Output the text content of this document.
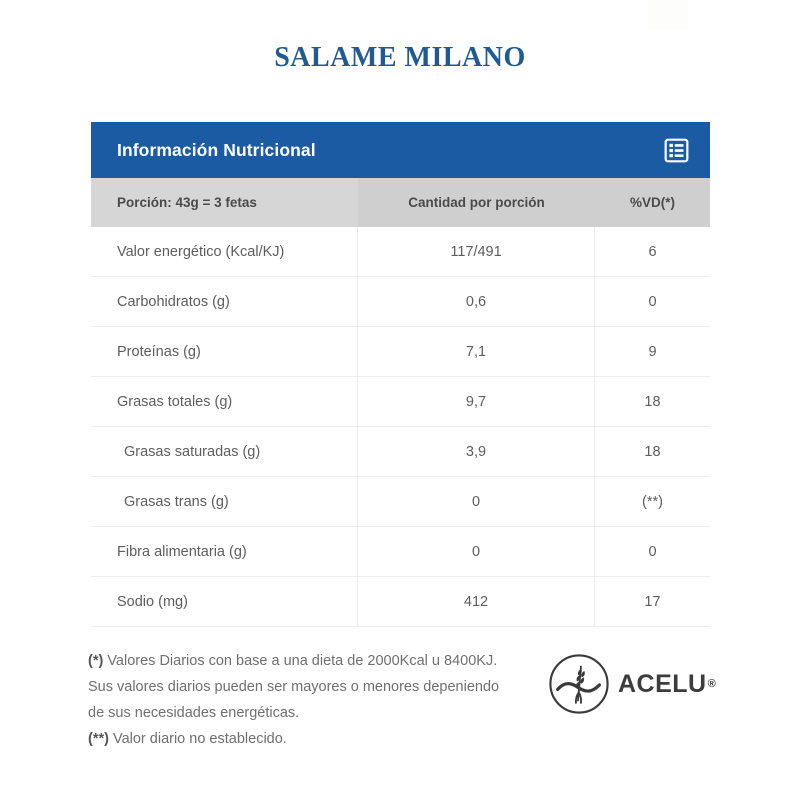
SALAME MILANO
Información Nutricional
Porción: 43g = 3 fetas	Cantidad por porción	%VD(*)
Valor energético (Kcal/KJ)	117/491	6
Carbohidratos (g)	0,6	0
Proteínas (g)	7,1	9
Grasas totales (g)	9,7	18
Grasas saturadas (g)	3,9	18
Grasas trans (g)	0	(**)
Fibra alimentaria (g)	0	0
Sodio (mg)	412	17

(*) Valores Diarios con base a una dieta de 2000Kcal u 8400KJ. Sus valores diarios pueden ser mayores o menores depeniendo de sus necesidades energéticas.

(**) Valor diario no establecido.

ACELU ®
